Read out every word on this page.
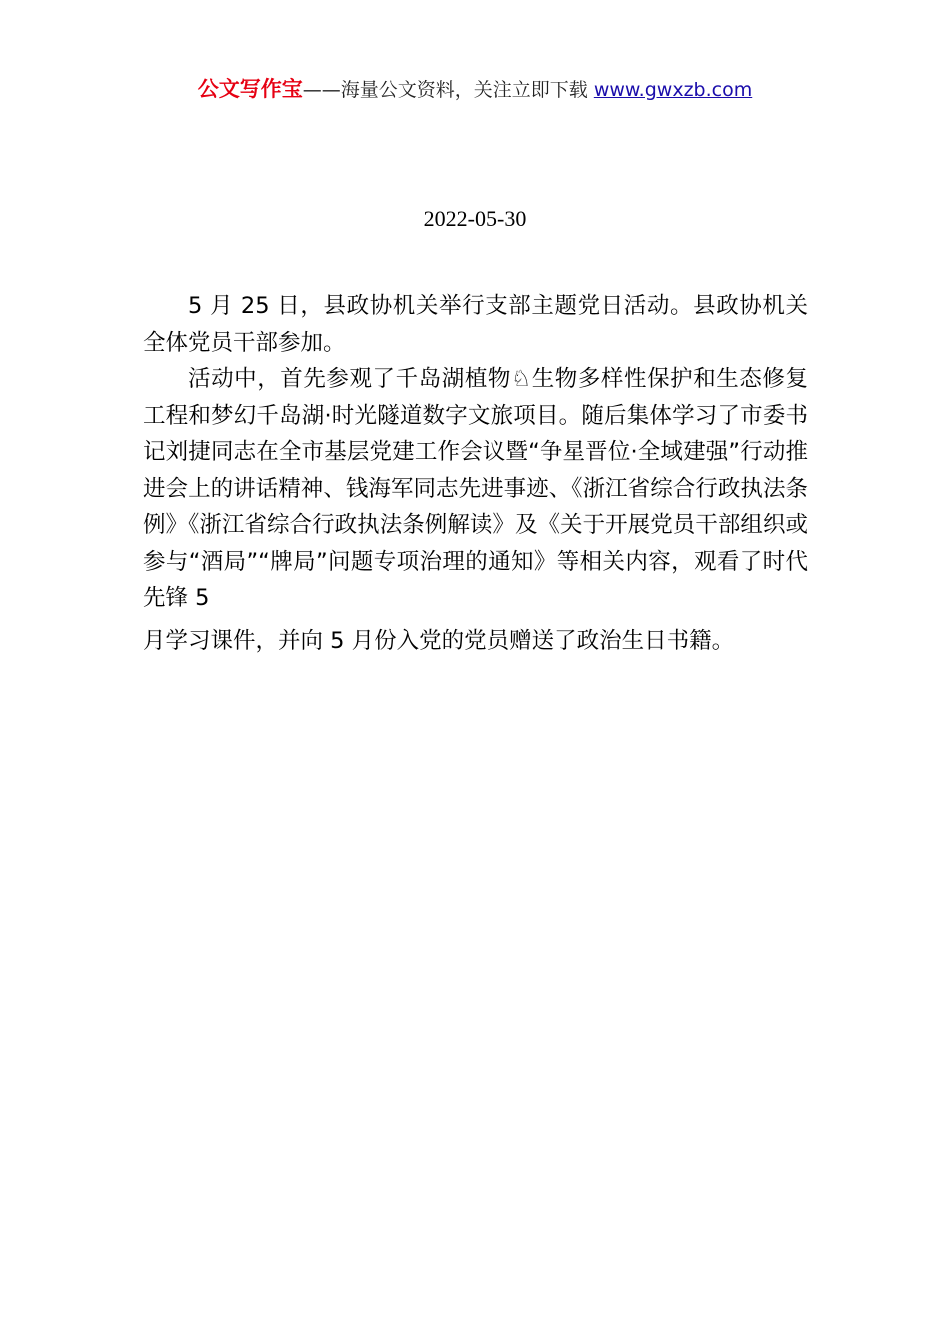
公文写作宝——海量公文资料，关注立即下载 www.gwxzb.com
2022-05-30

5 月 25 日，县政协机关举行支部主题党日活动。县政协机关全体党员干部参加。

活动中，首先参观了千岛湖植物♘生物多样性保护和生态修复工程和梦幻千岛湖·时光隧道数字文旅项目。随后集体学习了市委书记刘捷同志在全市基层党建工作会议暨“争星晋位·全域建强”行动推进会上的讲话精神、钱海军同志先进事迹、《浙江省综合行政执法条例》《浙江省综合行政执法条例解读》及《关于开展党员干部组织或参与“酒局”“牌局”问题专项治理的通知》等相关内容，观看了时代先锋 5

月学习课件，并向 5 月份入党的党员赠送了政治生日书籍。
